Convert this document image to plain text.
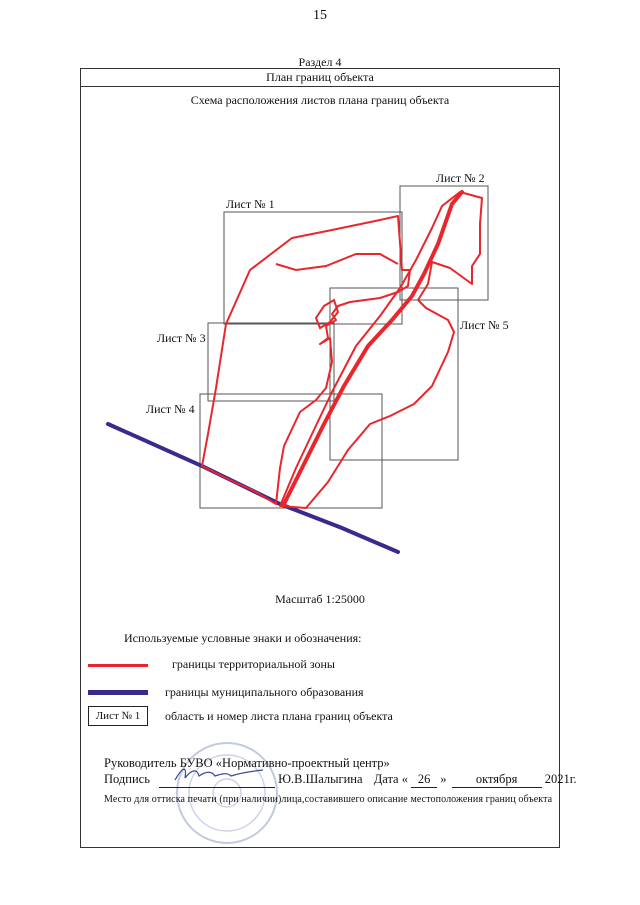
15
Раздел 4
План границ объекта
Схема расположения листов плана границ объекта
Лист № 1
Лист № 2
Лист № 3
Лист № 4
Лист № 5
Масштаб 1:25000
Используемые условные знаки и обозначения:
границы территориальной зоны
границы муниципального образования
Лист № 1	область и номер листа плана границ объекта
Руководитель БУВО «Нормативно-проектный центр»
Подпись	Ю.В.Шалыгина Дата « 26 » октября 2021г.
Место для оттиска печати (при наличии)лица,составившего описание местоположения границ объекта
